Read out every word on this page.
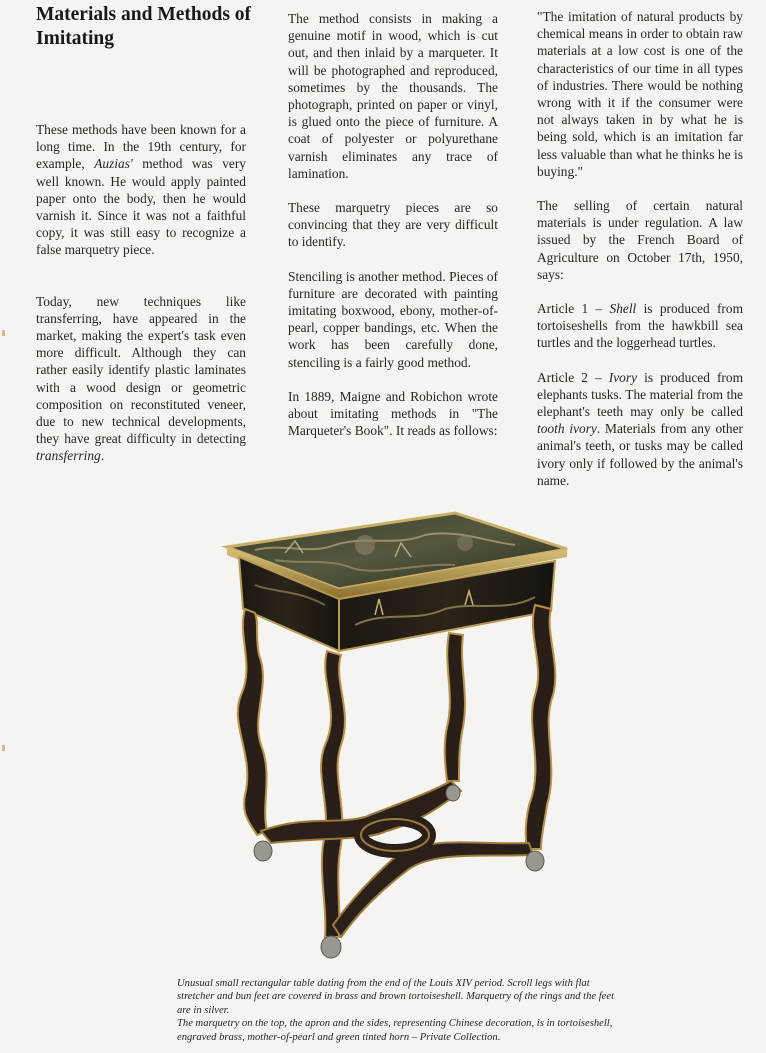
Materials and Methods of Imitating

These methods have been known for a long time. In the 19th century, for example, Auzias' method was very well known. He would apply painted paper onto the body, then he would varnish it. Since it was not a faithful copy, it was still easy to recognize a false marquetry piece.

Today, new techniques like transferring, have appeared in the market, making the expert's task even more difficult. Although they can rather easily identify plastic laminates with a wood design or geometric composition on reconstituted veneer, due to new technical developments, they have great difficulty in detecting transferring.

The method consists in making a genuine motif in wood, which is cut out, and then inlaid by a marqueter. It will be photographed and reproduced, sometimes by the thousands. The photograph, printed on paper or vinyl, is glued onto the piece of furniture. A coat of polyester or polyurethane varnish eliminates any trace of lamination.

These marquetry pieces are so convincing that they are very difficult to identify.

Stenciling is another method. Pieces of furniture are decorated with painting imitating boxwood, ebony, mother-of-pearl, copper bandings, etc. When the work has been carefully done, stenciling is a fairly good method.

In 1889, Maigne and Robichon wrote about imitating methods in "The Marqueter's Book". It reads as follows:

"The imitation of natural products by chemical means in order to obtain raw materials at a low cost is one of the characteristics of our time in all types of industries. There would be nothing wrong with it if the consumer were not always taken in by what he is being sold, which is an imitation far less valuable than what he thinks he is buying."

The selling of certain natural materials is under regulation. A law issued by the French Board of Agriculture on October 17th, 1950, says:

Article 1 – Shell is produced from tortoiseshells from the hawkbill sea turtles and the loggerhead turtles.

Article 2 – Ivory is produced from elephants tusks. The material from the elephant's teeth may only be called tooth ivory. Materials from any other animal's teeth, or tusks may be called ivory only if followed by the animal's name.

Unusual small rectangular table dating from the end of the Louis XIV period. Scroll legs with flat stretcher and bun feet are covered in brass and brown tortoiseshell. Marquetry of the rings and the feet are in silver.
The marquetry on the top, the apron and the sides, representing Chinese decoration, is in tortoiseshell, engraved brass, mother-of-pearl and green tinted horn – Private Collection.
